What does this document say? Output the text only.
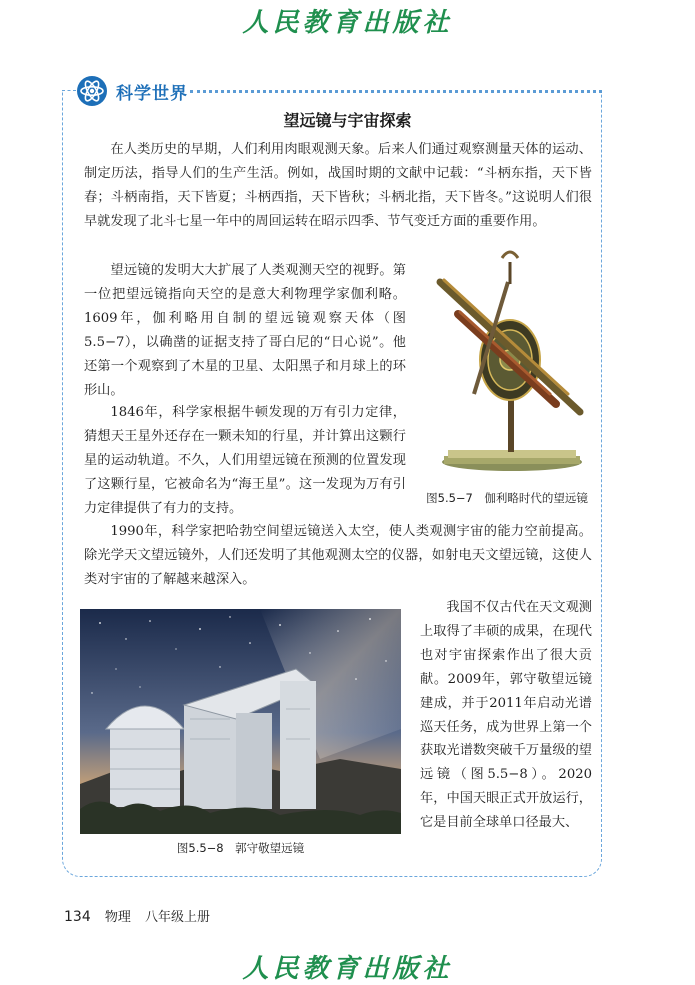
人民教育出版社
科学世界
望远镜与宇宙探索

在人类历史的早期，人们利用肉眼观测天象。后来人们通过观察测量天体的运动、制定历法，指导人们的生产生活。例如，战国时期的文献中记载：“斗柄东指，天下皆春；斗柄南指，天下皆夏；斗柄西指，天下皆秋；斗柄北指，天下皆冬。”这说明人们很早就发现了北斗七星一年中的周回运转在昭示四季、节气变迁方面的重要作用。

望远镜的发明大大扩展了人类观测天空的视野。第一位把望远镜指向天空的是意大利物理学家伽利略。1609年，伽利略用自制的望远镜观察天体（图5.5−7），以确凿的证据支持了哥白尼的“日心说”。他还第一个观察到了木星的卫星、太阳黑子和月球上的环形山。

1846年，科学家根据牛顿发现的万有引力定律，猜想天王星外还存在一颗未知的行星，并计算出这颗行星的运动轨道。不久，人们用望远镜在预测的位置发现了这颗行星，它被命名为“海王星”。这一发现为万有引力定律提供了有力的支持。

1990年，科学家把哈勃空间望远镜送入太空，使人类观测宇宙的能力空前提高。除光学天文望远镜外，人们还发明了其他观测太空的仪器，如射电天文望远镜，这使人类对宇宙的了解越来越深入。

我国不仅古代在天文观测上取得了丰硕的成果，在现代也对宇宙探索作出了很大贡献。2009年，郭守敬望远镜建成，并于2011年启动光谱巡天任务，成为世界上第一个获取光谱数突破千万量级的望远镜（图5.5−8）。2020年，中国天眼正式开放运行，它是目前全球单口径最大、

图5.5−7　伽利略时代的望远镜
图5.5−8　郭守敬望远镜
134 物理 八年级上册
人民教育出版社
